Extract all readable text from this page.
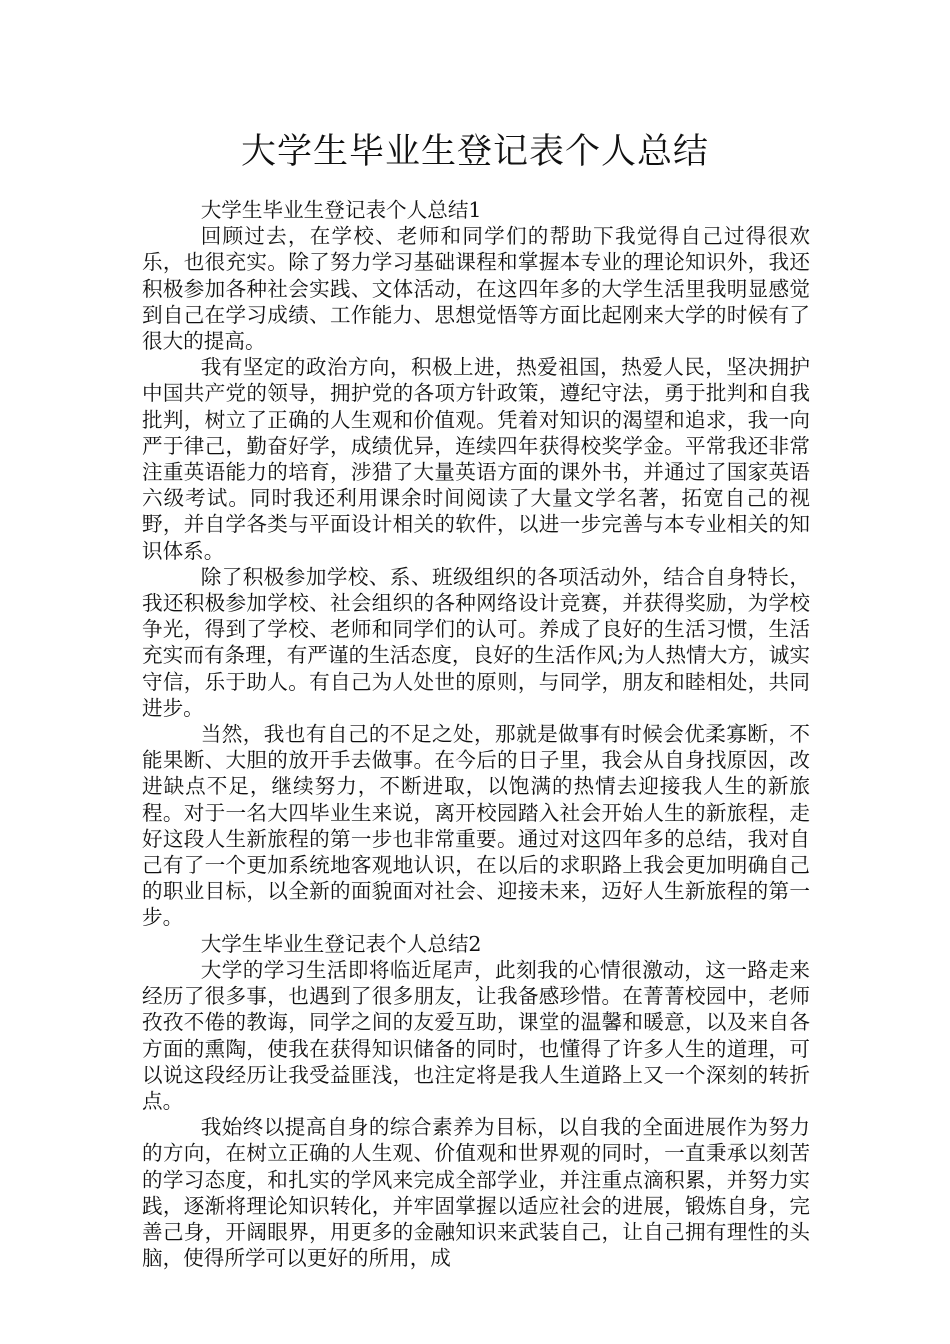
大学生毕业生登记表个人总结

大学生毕业生登记表个人总结1

回顾过去，在学校、老师和同学们的帮助下我觉得自己过得很欢乐，也很充实。除了努力学习基础课程和掌握本专业的理论知识外，我还积极参加各种社会实践、文体活动，在这四年多的大学生活里我明显感觉到自己在学习成绩、工作能力、思想觉悟等方面比起刚来大学的时候有了很大的提高。

我有坚定的政治方向，积极上进，热爱祖国，热爱人民，坚决拥护中国共产党的领导，拥护党的各项方针政策，遵纪守法，勇于批判和自我批判，树立了正确的人生观和价值观。凭着对知识的渴望和追求，我一向严于律己，勤奋好学，成绩优异，连续四年获得校奖学金。平常我还非常注重英语能力的培育，涉猎了大量英语方面的课外书，并通过了国家英语六级考试。同时我还利用课余时间阅读了大量文学名著，拓宽自己的视野，并自学各类与平面设计相关的软件，以进一步完善与本专业相关的知识体系。

除了积极参加学校、系、班级组织的各项活动外，结合自身特长，我还积极参加学校、社会组织的各种网络设计竞赛，并获得奖励，为学校争光，得到了学校、老师和同学们的认可。养成了良好的生活习惯，生活充实而有条理，有严谨的生活态度，良好的生活作风;为人热情大方，诚实守信，乐于助人。有自己为人处世的原则，与同学，朋友和睦相处，共同进步。

当然，我也有自己的不足之处，那就是做事有时候会优柔寡断，不能果断、大胆的放开手去做事。在今后的日子里，我会从自身找原因，改进缺点不足，继续努力，不断进取，以饱满的热情去迎接我人生的新旅程。对于一名大四毕业生来说，离开校园踏入社会开始人生的新旅程，走好这段人生新旅程的第一步也非常重要。通过对这四年多的总结，我对自己有了一个更加系统地客观地认识，在以后的求职路上我会更加明确自己的职业目标，以全新的面貌面对社会、迎接未来，迈好人生新旅程的第一步。

大学生毕业生登记表个人总结2

大学的学习生活即将临近尾声，此刻我的心情很激动，这一路走来经历了很多事，也遇到了很多朋友，让我备感珍惜。在菁菁校园中，老师孜孜不倦的教诲，同学之间的友爱互助，课堂的温馨和暖意，以及来自各方面的熏陶，使我在获得知识储备的同时，也懂得了许多人生的道理，可以说这段经历让我受益匪浅，也注定将是我人生道路上又一个深刻的转折点。

我始终以提高自身的综合素养为目标，以自我的全面进展作为努力的方向，在树立正确的人生观、价值观和世界观的同时，一直秉承以刻苦的学习态度，和扎实的学风来完成全部学业，并注重点滴积累，并努力实践，逐渐将理论知识转化，并牢固掌握以适应社会的进展，锻炼自身，完善己身，开阔眼界，用更多的金融知识来武装自己，让自己拥有理性的头脑，使得所学可以更好的所用，成
